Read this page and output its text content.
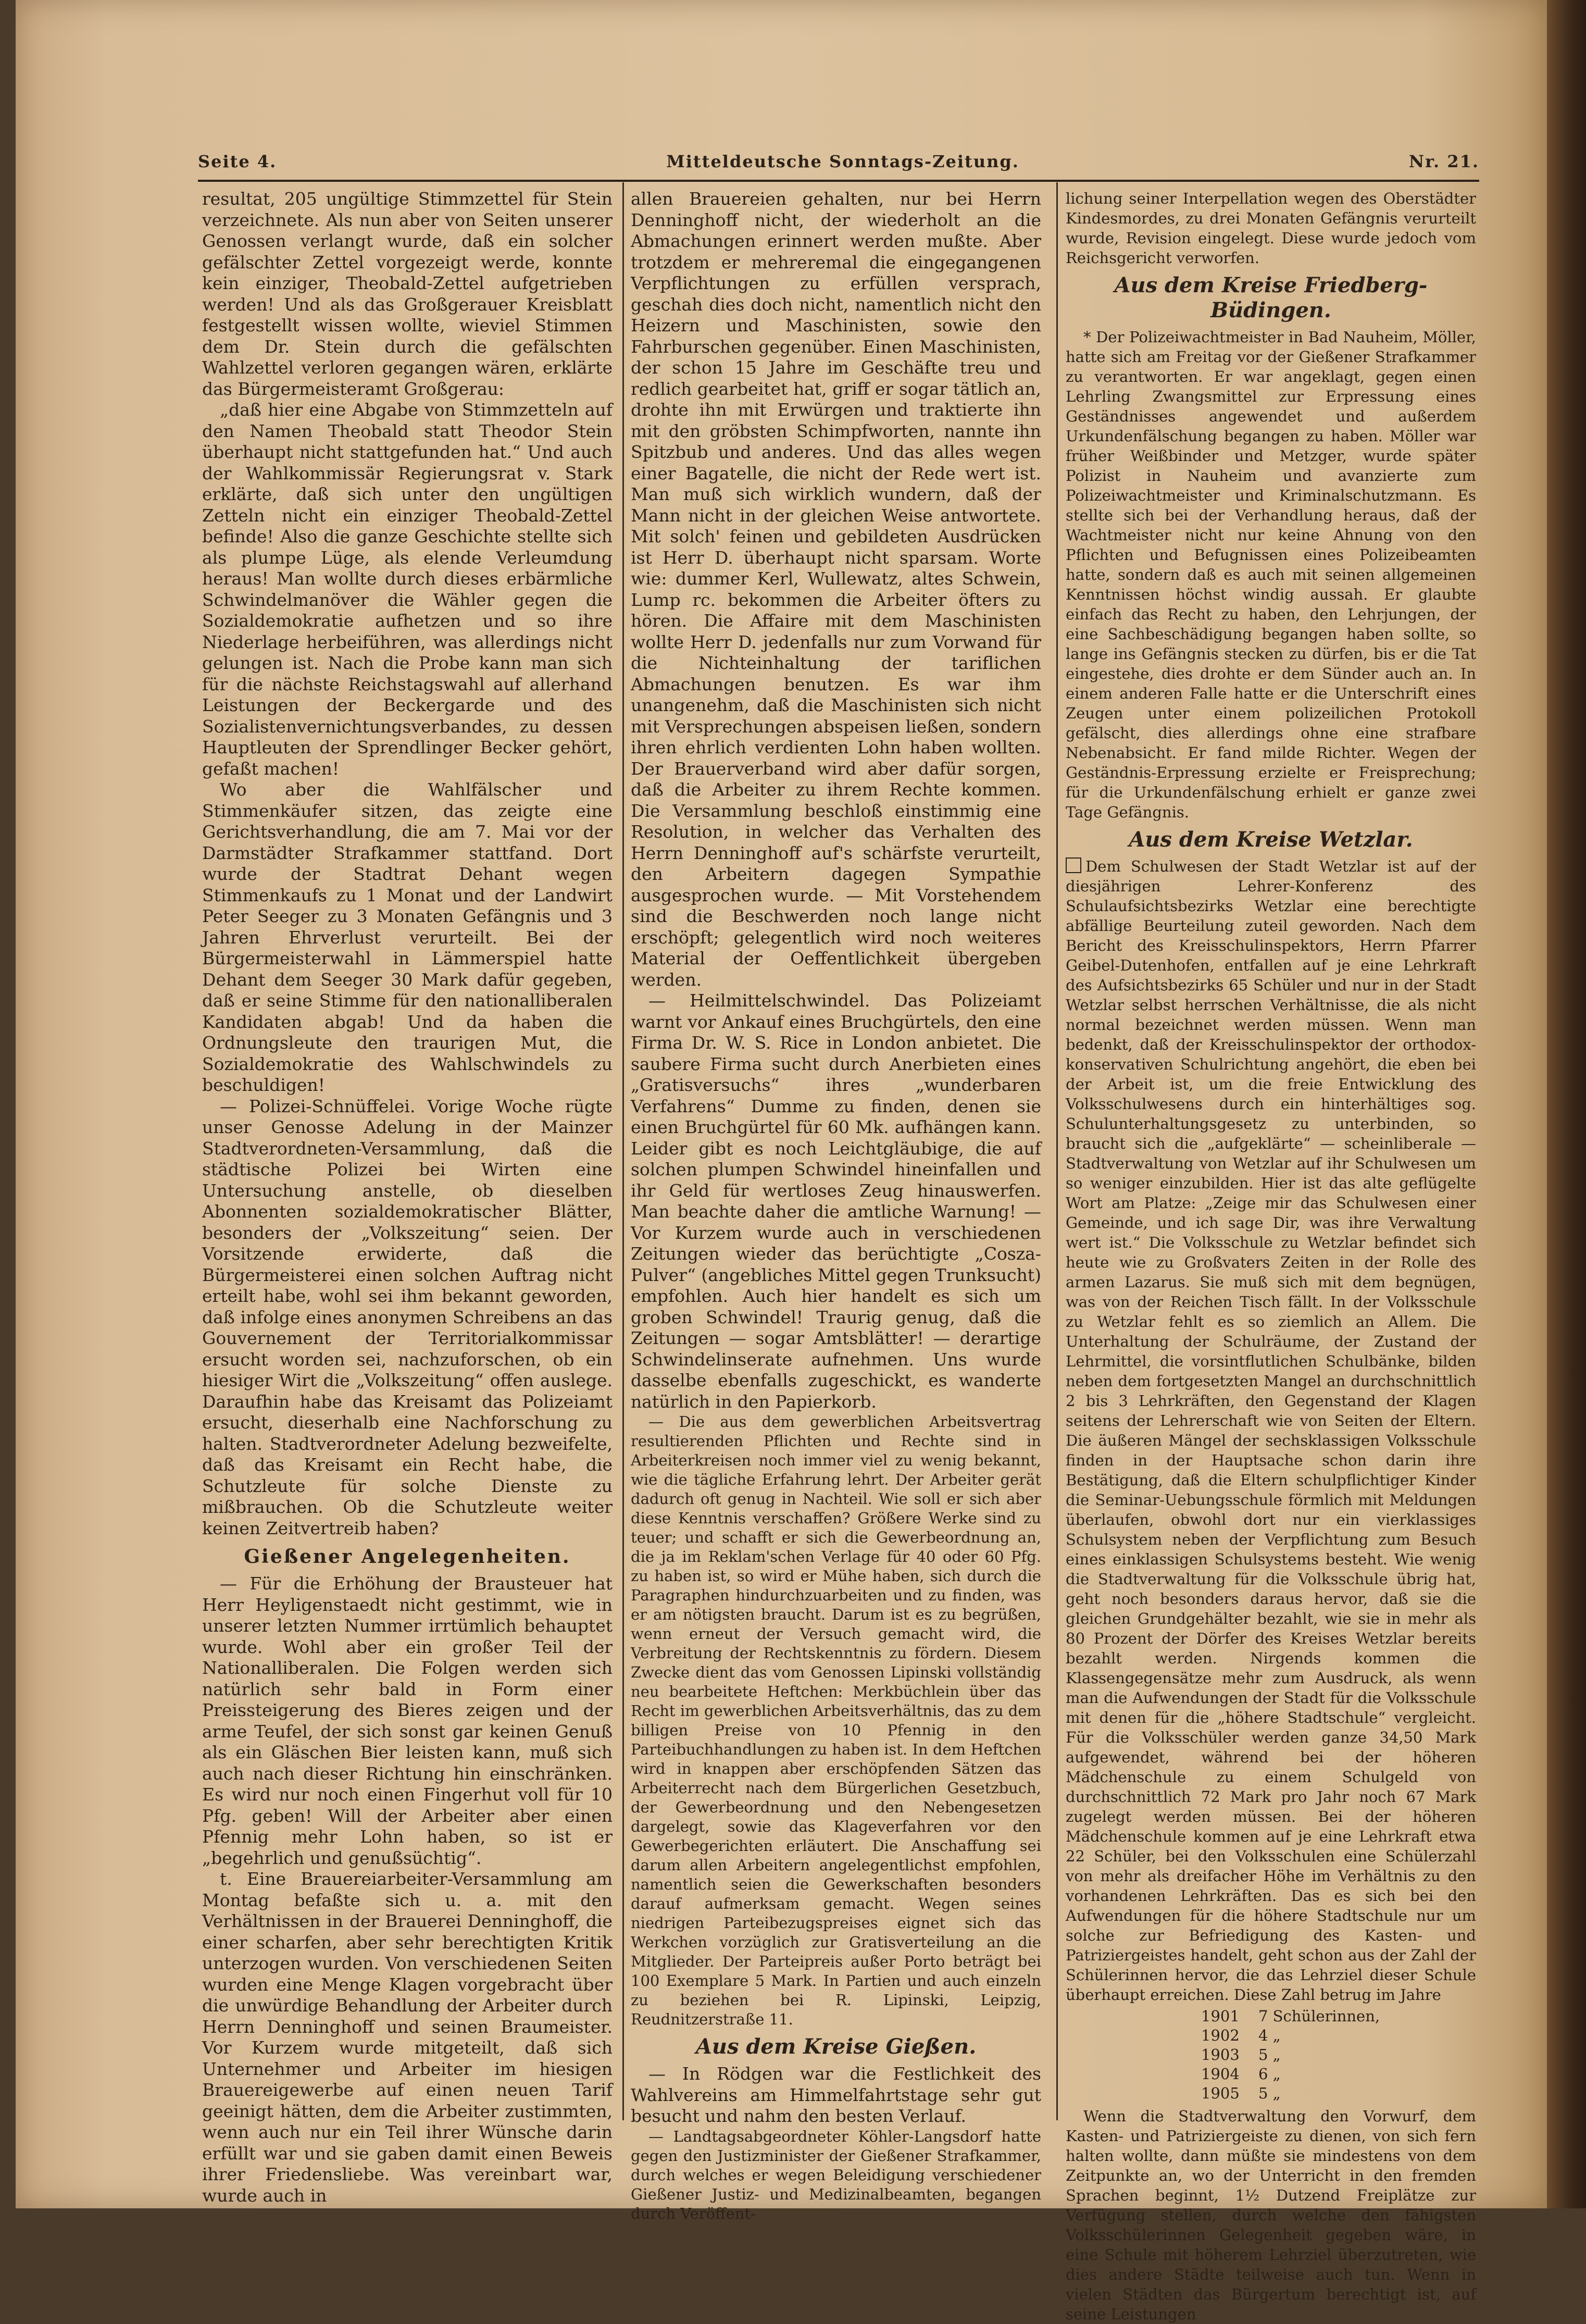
Seite 4.	Mitteldeutsche Sonntags-Zeitung.	Nr. 21.

resultat, 205 ungültige Stimmzettel für Stein verzeichnete. Als nun aber von Seiten unserer Genossen verlangt wurde, daß ein solcher gefälschter Zettel vorgezeigt werde, konnte kein einziger, Theobald-Zettel aufgetrieben werden! Und als das Großgerauer Kreisblatt festgestellt wissen wollte, wieviel Stimmen dem Dr. Stein durch die gefälschten Wahlzettel verloren gegangen wären, erklärte das Bürgermeisteramt Großgerau:

„daß hier eine Abgabe von Stimmzetteln auf den Namen Theobald statt Theodor Stein überhaupt nicht stattgefunden hat.“ Und auch der Wahlkommissär Regierungsrat v. Stark erklärte, daß sich unter den ungültigen Zetteln nicht ein einziger Theobald-Zettel befinde! Also die ganze Geschichte stellte sich als plumpe Lüge, als elende Verleumdung heraus! Man wollte durch dieses erbärmliche Schwindelmanöver die Wähler gegen die Sozialdemokratie aufhetzen und so ihre Niederlage herbeiführen, was allerdings nicht gelungen ist. Nach die Probe kann man sich für die nächste Reichstagswahl auf allerhand Leistungen der Beckergarde und des Sozialistenvernichtungsverbandes, zu dessen Hauptleuten der Sprendlinger Becker gehört, gefaßt machen!

Wo aber die Wahlfälscher und Stimmenkäufer sitzen, das zeigte eine Gerichtsverhandlung, die am 7. Mai vor der Darmstädter Strafkammer stattfand. Dort wurde der Stadtrat Dehant wegen Stimmenkaufs zu 1 Monat und der Landwirt Peter Seeger zu 3 Monaten Gefängnis und 3 Jahren Ehrverlust verurteilt. Bei der Bürgermeisterwahl in Lämmerspiel hatte Dehant dem Seeger 30 Mark dafür gegeben, daß er seine Stimme für den nationalliberalen Kandidaten abgab! Und da haben die Ordnungsleute den traurigen Mut, die Sozialdemokratie des Wahlschwindels zu beschuldigen!

— Polizei-Schnüffelei. Vorige Woche rügte unser Genosse Adelung in der Mainzer Stadtverordneten-Versammlung, daß die städtische Polizei bei Wirten eine Untersuchung anstelle, ob dieselben Abonnenten sozialdemokratischer Blätter, besonders der „Volkszeitung“ seien. Der Vorsitzende erwiderte, daß die Bürgermeisterei einen solchen Auftrag nicht erteilt habe, wohl sei ihm bekannt geworden, daß infolge eines anonymen Schreibens an das Gouvernement der Territorialkommissar ersucht worden sei, nachzuforschen, ob ein hiesiger Wirt die „Volkszeitung“ offen auslege. Daraufhin habe das Kreisamt das Polizeiamt ersucht, dieserhalb eine Nachforschung zu halten. Stadtverordneter Adelung bezweifelte, daß das Kreisamt ein Recht habe, die Schutzleute für solche Dienste zu mißbrauchen. Ob die Schutzleute weiter keinen Zeitvertreib haben?

Gießener Angelegenheiten.

— Für die Erhöhung der Brausteuer hat Herr Heyligenstaedt nicht gestimmt, wie in unserer letzten Nummer irrtümlich behauptet wurde. Wohl aber ein großer Teil der Nationalliberalen. Die Folgen werden sich natürlich sehr bald in Form einer Preissteigerung des Bieres zeigen und der arme Teufel, der sich sonst gar keinen Genuß als ein Gläschen Bier leisten kann, muß sich auch nach dieser Richtung hin einschränken. Es wird nur noch einen Fingerhut voll für 10 Pfg. geben! Will der Arbeiter aber einen Pfennig mehr Lohn haben, so ist er „begehrlich und genußsüchtig“.

t. Eine Brauereiarbeiter-Versammlung am Montag befaßte sich u. a. mit den Verhältnissen in der Brauerei Denninghoff, die einer scharfen, aber sehr berechtigten Kritik unterzogen wurden. Von verschiedenen Seiten wurden eine Menge Klagen vorgebracht über die unwürdige Behandlung der Arbeiter durch Herrn Denninghoff und seinen Braumeister. Vor Kurzem wurde mitgeteilt, daß sich Unternehmer und Arbeiter im hiesigen Brauereigewerbe auf einen neuen Tarif geeinigt hätten, dem die Arbeiter zustimmten, wenn auch nur ein Teil ihrer Wünsche darin erfüllt war und sie gaben damit einen Beweis ihrer Friedensliebe. Was vereinbart war, wurde auch in

allen Brauereien gehalten, nur bei Herrn Denninghoff nicht, der wiederholt an die Abmachungen erinnert werden mußte. Aber trotzdem er mehreremal die eingegangenen Verpflichtungen zu erfüllen versprach, geschah dies doch nicht, namentlich nicht den Heizern und Maschinisten, sowie den Fahrburschen gegenüber. Einen Maschinisten, der schon 15 Jahre im Geschäfte treu und redlich gearbeitet hat, griff er sogar tätlich an, drohte ihn mit Erwürgen und traktierte ihn mit den gröbsten Schimpfworten, nannte ihn Spitzbub und anderes. Und das alles wegen einer Bagatelle, die nicht der Rede wert ist. Man muß sich wirklich wundern, daß der Mann nicht in der gleichen Weise antwortete. Mit solch' feinen und gebildeten Ausdrücken ist Herr D. überhaupt nicht sparsam. Worte wie: dummer Kerl, Wullewatz, altes Schwein, Lump rc. bekommen die Arbeiter öfters zu hören. Die Affaire mit dem Maschinisten wollte Herr D. jedenfalls nur zum Vorwand für die Nichteinhaltung der tariflichen Abmachungen benutzen. Es war ihm unangenehm, daß die Maschinisten sich nicht mit Versprechungen abspeisen ließen, sondern ihren ehrlich verdienten Lohn haben wollten. Der Brauerverband wird aber dafür sorgen, daß die Arbeiter zu ihrem Rechte kommen. Die Versammlung beschloß einstimmig eine Resolution, in welcher das Verhalten des Herrn Denninghoff auf's schärfste verurteilt, den Arbeitern dagegen Sympathie ausgesprochen wurde. — Mit Vorstehendem sind die Beschwerden noch lange nicht erschöpft; gelegentlich wird noch weiteres Material der Oeffentlichkeit übergeben werden.

— Heilmittelschwindel. Das Polizeiamt warnt vor Ankauf eines Bruchgürtels, den eine Firma Dr. W. S. Rice in London anbietet. Die saubere Firma sucht durch Anerbieten eines „Gratisversuchs“ ihres „wunderbaren Verfahrens“ Dumme zu finden, denen sie einen Bruchgürtel für 60 Mk. aufhängen kann. Leider gibt es noch Leichtgläubige, die auf solchen plumpen Schwindel hineinfallen und ihr Geld für wertloses Zeug hinauswerfen. Man beachte daher die amtliche Warnung! — Vor Kurzem wurde auch in verschiedenen Zeitungen wieder das berüchtigte „Cosza-Pulver“ (angebliches Mittel gegen Trunksucht) empfohlen. Auch hier handelt es sich um groben Schwindel! Traurig genug, daß die Zeitungen — sogar Amtsblätter! — derartige Schwindelinserate aufnehmen. Uns wurde dasselbe ebenfalls zugeschickt, es wanderte natürlich in den Papierkorb.

— Die aus dem gewerblichen Arbeitsvertrag resultierenden Pflichten und Rechte sind in Arbeiterkreisen noch immer viel zu wenig bekannt, wie die tägliche Erfahrung lehrt. Der Arbeiter gerät dadurch oft genug in Nachteil. Wie soll er sich aber diese Kenntnis verschaffen? Größere Werke sind zu teuer; und schafft er sich die Gewerbeordnung an, die ja im Reklam'schen Verlage für 40 oder 60 Pfg. zu haben ist, so wird er Mühe haben, sich durch die Paragraphen hindurchzuarbeiten und zu finden, was er am nötigsten braucht. Darum ist es zu begrüßen, wenn erneut der Versuch gemacht wird, die Verbreitung der Rechtskenntnis zu fördern. Diesem Zwecke dient das vom Genossen Lipinski vollständig neu bearbeitete Heftchen: Merkbüchlein über das Recht im gewerblichen Arbeitsverhältnis, das zu dem billigen Preise von 10 Pfennig in den Parteibuchhandlungen zu haben ist. In dem Heftchen wird in knappen aber erschöpfenden Sätzen das Arbeiterrecht nach dem Bürgerlichen Gesetzbuch, der Gewerbeordnung und den Nebengesetzen dargelegt, sowie das Klageverfahren vor den Gewerbegerichten erläutert. Die Anschaffung sei darum allen Arbeitern angelegentlichst empfohlen, namentlich seien die Gewerkschaften besonders darauf aufmerksam gemacht. Wegen seines niedrigen Parteibezugspreises eignet sich das Werkchen vorzüglich zur Gratisverteilung an die Mitglieder. Der Parteipreis außer Porto beträgt bei 100 Exemplare 5 Mark. In Partien und auch einzeln zu beziehen bei R. Lipinski, Leipzig, Reudnitzerstraße 11.

Aus dem Kreise Gießen.

— In Rödgen war die Festlichkeit des Wahlvereins am Himmelfahrtstage sehr gut besucht und nahm den besten Verlauf.

— Landtagsabgeordneter Köhler-Langsdorf hatte gegen den Justizminister der Gießener Strafkammer, durch welches er wegen Beleidigung verschiedener Gießener Justiz- und Medizinalbeamten, begangen durch Veröffent-

lichung seiner Interpellation wegen des Oberstädter Kindesmordes, zu drei Monaten Gefängnis verurteilt wurde, Revision eingelegt. Diese wurde jedoch vom Reichsgericht verworfen.

Aus dem Kreise Friedberg-Büdingen.

* Der Polizeiwachtmeister in Bad Nauheim, Möller, hatte sich am Freitag vor der Gießener Strafkammer zu verantworten. Er war angeklagt, gegen einen Lehrling Zwangsmittel zur Erpressung eines Geständnisses angewendet und außerdem Urkundenfälschung begangen zu haben. Möller war früher Weißbinder und Metzger, wurde später Polizist in Nauheim und avanzierte zum Polizeiwachtmeister und Kriminalschutzmann. Es stellte sich bei der Verhandlung heraus, daß der Wachtmeister nicht nur keine Ahnung von den Pflichten und Befugnissen eines Polizeibeamten hatte, sondern daß es auch mit seinen allgemeinen Kenntnissen höchst windig aussah. Er glaubte einfach das Recht zu haben, den Lehrjungen, der eine Sachbeschädigung begangen haben sollte, so lange ins Gefängnis stecken zu dürfen, bis er die Tat eingestehe, dies drohte er dem Sünder auch an. In einem anderen Falle hatte er die Unterschrift eines Zeugen unter einem polizeilichen Protokoll gefälscht, dies allerdings ohne eine strafbare Nebenabsicht. Er fand milde Richter. Wegen der Geständnis-Erpressung erzielte er Freisprechung; für die Urkundenfälschung erhielt er ganze zwei Tage Gefängnis.

Aus dem Kreise Wetzlar.

Dem Schulwesen der Stadt Wetzlar ist auf der diesjährigen Lehrer-Konferenz des Schulaufsichtsbezirks Wetzlar eine berechtigte abfällige Beurteilung zuteil geworden. Nach dem Bericht des Kreisschulinspektors, Herrn Pfarrer Geibel-Dutenhofen, entfallen auf je eine Lehrkraft des Aufsichtsbezirks 65 Schüler und nur in der Stadt Wetzlar selbst herrschen Verhältnisse, die als nicht normal bezeichnet werden müssen. Wenn man bedenkt, daß der Kreisschulinspektor der orthodox-konservativen Schulrichtung angehört, die eben bei der Arbeit ist, um die freie Entwicklung des Volksschulwesens durch ein hinterhältiges sog. Schulunterhaltungsgesetz zu unterbinden, so braucht sich die „aufgeklärte“ — scheinliberale — Stadtverwaltung von Wetzlar auf ihr Schulwesen um so weniger einzubilden. Hier ist das alte geflügelte Wort am Platze: „Zeige mir das Schulwesen einer Gemeinde, und ich sage Dir, was ihre Verwaltung wert ist.“ Die Volksschule zu Wetzlar befindet sich heute wie zu Großvaters Zeiten in der Rolle des armen Lazarus. Sie muß sich mit dem begnügen, was von der Reichen Tisch fällt. In der Volksschule zu Wetzlar fehlt es so ziemlich an Allem. Die Unterhaltung der Schulräume, der Zustand der Lehrmittel, die vorsintflutlichen Schulbänke, bilden neben dem fortgesetzten Mangel an durchschnittlich 2 bis 3 Lehrkräften, den Gegenstand der Klagen seitens der Lehrerschaft wie von Seiten der Eltern. Die äußeren Mängel der sechsklassigen Volksschule finden in der Hauptsache schon darin ihre Bestätigung, daß die Eltern schulpflichtiger Kinder die Seminar-Uebungsschule förmlich mit Meldungen überlaufen, obwohl dort nur ein vierklassiges Schulsystem neben der Verpflichtung zum Besuch eines einklassigen Schulsystems besteht. Wie wenig die Stadtverwaltung für die Volksschule übrig hat, geht noch besonders daraus hervor, daß sie die gleichen Grundgehälter bezahlt, wie sie in mehr als 80 Prozent der Dörfer des Kreises Wetzlar bereits bezahlt werden. Nirgends kommen die Klassengegensätze mehr zum Ausdruck, als wenn man die Aufwendungen der Stadt für die Volksschule mit denen für die „höhere Stadtschule“ vergleicht. Für die Volksschüler werden ganze 34,50 Mark aufgewendet, während bei der höheren Mädchenschule zu einem Schulgeld von durchschnittlich 72 Mark pro Jahr noch 67 Mark zugelegt werden müssen. Bei der höheren Mädchenschule kommen auf je eine Lehrkraft etwa 22 Schüler, bei den Volksschulen eine Schülerzahl von mehr als dreifacher Höhe im Verhältnis zu den vorhandenen Lehrkräften. Das es sich bei den Aufwendungen für die höhere Stadtschule nur um solche zur Befriedigung des Kasten- und Patriziergeistes handelt, geht schon aus der Zahl der Schülerinnen hervor, die das Lehrziel dieser Schule überhaupt erreichen. Diese Zahl betrug im Jahre

1901	7 Schülerinnen,
1902	4 „
1903	5 „
1904	6 „
1905	5 „

Wenn die Stadtverwaltung den Vorwurf, dem Kasten- und Patriziergeiste zu dienen, von sich fern halten wollte, dann müßte sie mindestens von dem Zeitpunkte an, wo der Unterricht in den fremden Sprachen beginnt, 1½ Dutzend Freiplätze zur Verfügung stellen, durch welche den fähigsten Volksschülerinnen Gelegenheit gegeben wäre, in eine Schule mit höherem Lehrziel überzutreten, wie dies andere Städte teilweise auch tun. Wenn in vielen Städten das Bürgertum berechtigt ist, auf seine Leistungen
